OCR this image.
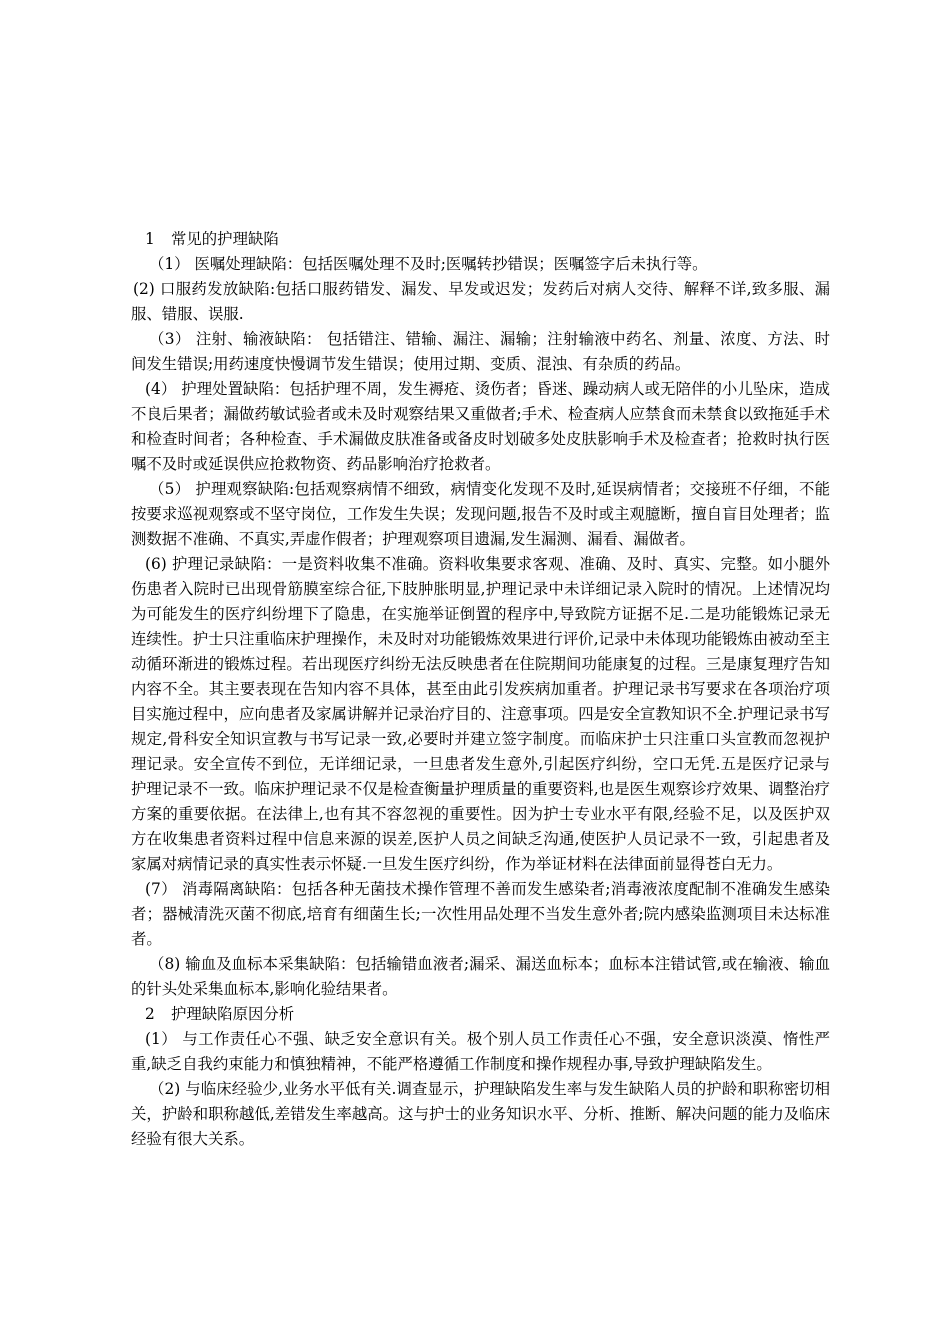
1 常见的护理缺陷

（1） 医嘱处理缺陷：包括医嘱处理不及时;医嘱转抄错误；医嘱签字后未执行等。

(2) 口服药发放缺陷:包括口服药错发、漏发、早发或迟发；发药后对病人交待、解释不详,致多服、漏服、错服、误服.

（3） 注射、输液缺陷： 包括错注、错输、漏注、漏输；注射输液中药名、剂量、浓度、方法、时间发生错误;用药速度快慢调节发生错误；使用过期、变质、混浊、有杂质的药品。

(4） 护理处置缺陷：包括护理不周，发生褥疮、烫伤者；昏迷、躁动病人或无陪伴的小儿坠床，造成不良后果者；漏做药敏试验者或未及时观察结果又重做者;手术、检查病人应禁食而未禁食以致拖延手术和检查时间者；各种检查、手术漏做皮肤准备或备皮时划破多处皮肤影响手术及检查者；抢救时执行医嘱不及时或延误供应抢救物资、药品影响治疗抢救者。

（5） 护理观察缺陷:包括观察病情不细致，病情变化发现不及时,延误病情者；交接班不仔细，不能按要求巡视观察或不坚守岗位，工作发生失误；发现问题,报告不及时或主观臆断，擅自盲目处理者；监测数据不准确、不真实,弄虚作假者；护理观察项目遗漏,发生漏测、漏看、漏做者。

(6) 护理记录缺陷：一是资料收集不准确。资料收集要求客观、准确、及时、真实、完整。如小腿外伤患者入院时已出现骨筋膜室综合征,下肢肿胀明显,护理记录中未详细记录入院时的情况。上述情况均为可能发生的医疗纠纷埋下了隐患，在实施举证倒置的程序中,导致院方证据不足.二是功能锻炼记录无连续性。护士只注重临床护理操作，未及时对功能锻炼效果进行评价,记录中未体现功能锻炼由被动至主动循环渐进的锻炼过程。若出现医疗纠纷无法反映患者在住院期间功能康复的过程。三是康复理疗告知内容不全。其主要表现在告知内容不具体，甚至由此引发疾病加重者。护理记录书写要求在各项治疗项目实施过程中，应向患者及家属讲解并记录治疗目的、注意事项。四是安全宣教知识不全.护理记录书写规定,骨科安全知识宣教与书写记录一致,必要时并建立签字制度。而临床护士只注重口头宣教而忽视护理记录。安全宣传不到位，无详细记录，一旦患者发生意外,引起医疗纠纷，空口无凭.五是医疗记录与护理记录不一致。临床护理记录不仅是检查衡量护理质量的重要资料,也是医生观察诊疗效果、调整治疗方案的重要依据。在法律上,也有其不容忽视的重要性。因为护士专业水平有限,经验不足，以及医护双方在收集患者资料过程中信息来源的误差,医护人员之间缺乏沟通,使医护人员记录不一致，引起患者及家属对病情记录的真实性表示怀疑.一旦发生医疗纠纷，作为举证材料在法律面前显得苍白无力。

(7） 消毒隔离缺陷：包括各种无菌技术操作管理不善而发生感染者;消毒液浓度配制不准确发生感染者；器械清洗灭菌不彻底,培育有细菌生长;一次性用品处理不当发生意外者;院内感染监测项目未达标准者。

（8) 输血及血标本采集缺陷：包括输错血液者;漏采、漏送血标本；血标本注错试管,或在输液、输血的针头处采集血标本,影响化验结果者。

2 护理缺陷原因分析

(1） 与工作责任心不强、缺乏安全意识有关。极个别人员工作责任心不强，安全意识淡漠、惰性严重,缺乏自我约束能力和慎独精神，不能严格遵循工作制度和操作规程办事,导致护理缺陷发生。

（2) 与临床经验少,业务水平低有关.调查显示，护理缺陷发生率与发生缺陷人员的护龄和职称密切相关，护龄和职称越低,差错发生率越高。这与护士的业务知识水平、分析、推断、解决问题的能力及临床经验有很大关系。
